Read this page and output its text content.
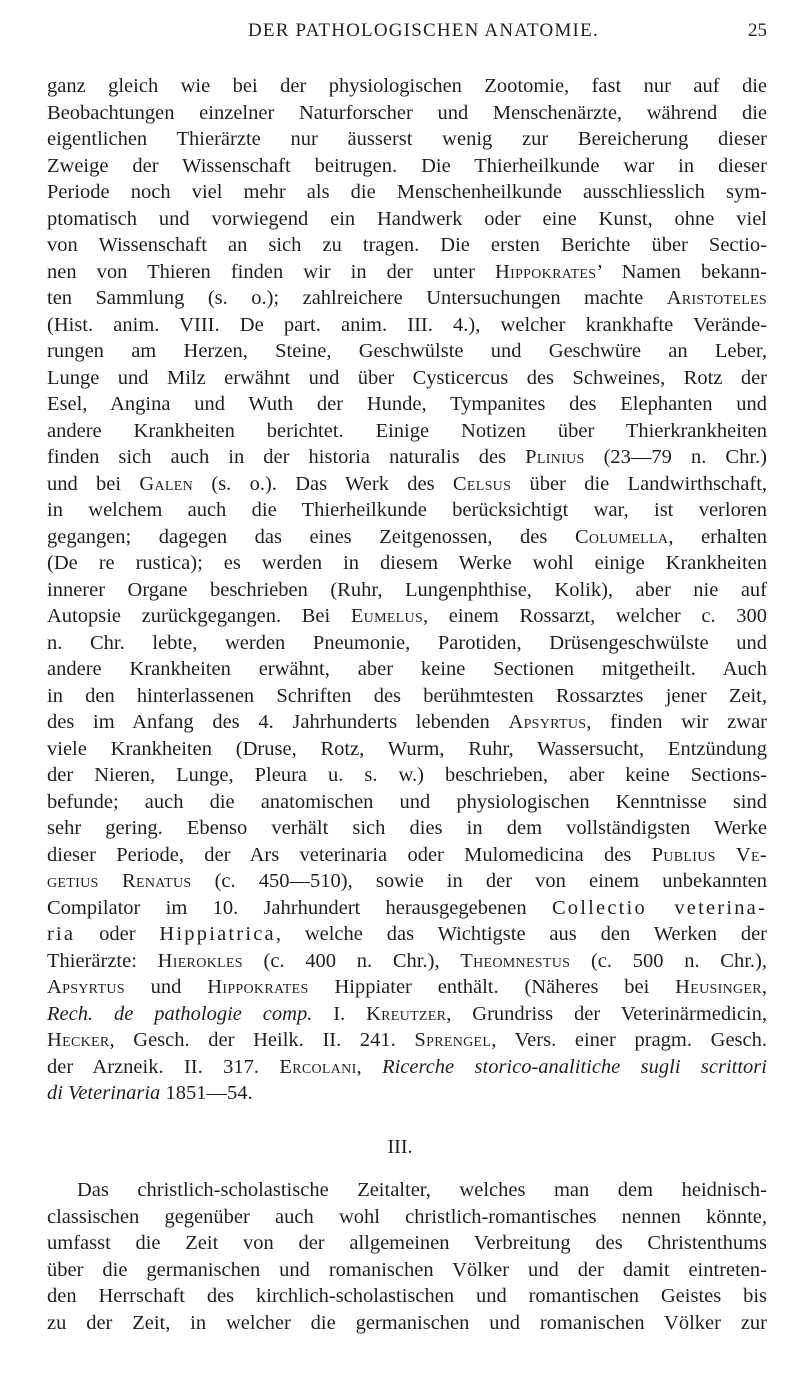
DER PATHOLOGISCHEN ANATOMIE.	25
ganz gleich wie bei der physiologischen Zootomie, fast nur auf die
Beobachtungen einzelner Naturforscher und Menschenärzte, während die
eigentlichen Thierärzte nur äusserst wenig zur Bereicherung dieser
Zweige der Wissenschaft beitrugen. Die Thierheilkunde war in dieser
Periode noch viel mehr als die Menschenheilkunde ausschliesslich sym-
ptomatisch und vorwiegend ein Handwerk oder eine Kunst, ohne viel
von Wissenschaft an sich zu tragen. Die ersten Berichte über Sectio-
nen von Thieren finden wir in der unter Hippokrates’ Namen bekann-
ten Sammlung (s. o.); zahlreichere Untersuchungen machte Aristoteles
(Hist. anim. VIII. De part. anim. III. 4.), welcher krankhafte Verände-
rungen am Herzen, Steine, Geschwülste und Geschwüre an Leber,
Lunge und Milz erwähnt und über Cysticercus des Schweines, Rotz der
Esel, Angina und Wuth der Hunde, Tympanites des Elephanten und
andere Krankheiten berichtet. Einige Notizen über Thierkrankheiten
finden sich auch in der historia naturalis des Plinius (23—79 n. Chr.)
und bei Galen (s. o.). Das Werk des Celsus über die Landwirthschaft,
in welchem auch die Thierheilkunde berücksichtigt war, ist verloren
gegangen; dagegen das eines Zeitgenossen, des Columella, erhalten
(De re rustica); es werden in diesem Werke wohl einige Krankheiten
innerer Organe beschrieben (Ruhr, Lungenphthise, Kolik), aber nie auf
Autopsie zurückgegangen. Bei Eumelus, einem Rossarzt, welcher c. 300
n. Chr. lebte, werden Pneumonie, Parotiden, Drüsengeschwülste und
andere Krankheiten erwähnt, aber keine Sectionen mitgetheilt. Auch
in den hinterlassenen Schriften des berühmtesten Rossarztes jener Zeit,
des im Anfang des 4. Jahrhunderts lebenden Apsyrtus, finden wir zwar
viele Krankheiten (Druse, Rotz, Wurm, Ruhr, Wassersucht, Entzündung
der Nieren, Lunge, Pleura u. s. w.) beschrieben, aber keine Sections-
befunde; auch die anatomischen und physiologischen Kenntnisse sind
sehr gering. Ebenso verhält sich dies in dem vollständigsten Werke
dieser Periode, der Ars veterinaria oder Mulomedicina des Publius Ve-
getius Renatus (c. 450—510), sowie in der von einem unbekannten
Compilator im 10. Jahrhundert herausgegebenen Collectio veterina-
ria oder Hippiatrica, welche das Wichtigste aus den Werken der
Thierärzte: Hierokles (c. 400 n. Chr.), Theomnestus (c. 500 n. Chr.),
Apsyrtus und Hippokrates Hippiater enthält. (Näheres bei Heusinger,
Rech. de pathologie comp. I. Kreutzer, Grundriss der Veterinärmedicin,
Hecker, Gesch. der Heilk. II. 241. Sprengel, Vers. einer pragm. Gesch.
der Arzneik. II. 317. Ercolani, Ricerche storico-analitiche sugli scrittori
di Veterinaria 1851—54.
III.
Das christlich-scholastische Zeitalter, welches man dem heidnisch-
classischen gegenüber auch wohl christlich-romantisches nennen könnte,
umfasst die Zeit von der allgemeinen Verbreitung des Christenthums
über die germanischen und romanischen Völker und der damit eintreten-
den Herrschaft des kirchlich-scholastischen und romantischen Geistes bis
zu der Zeit, in welcher die germanischen und romanischen Völker zur
